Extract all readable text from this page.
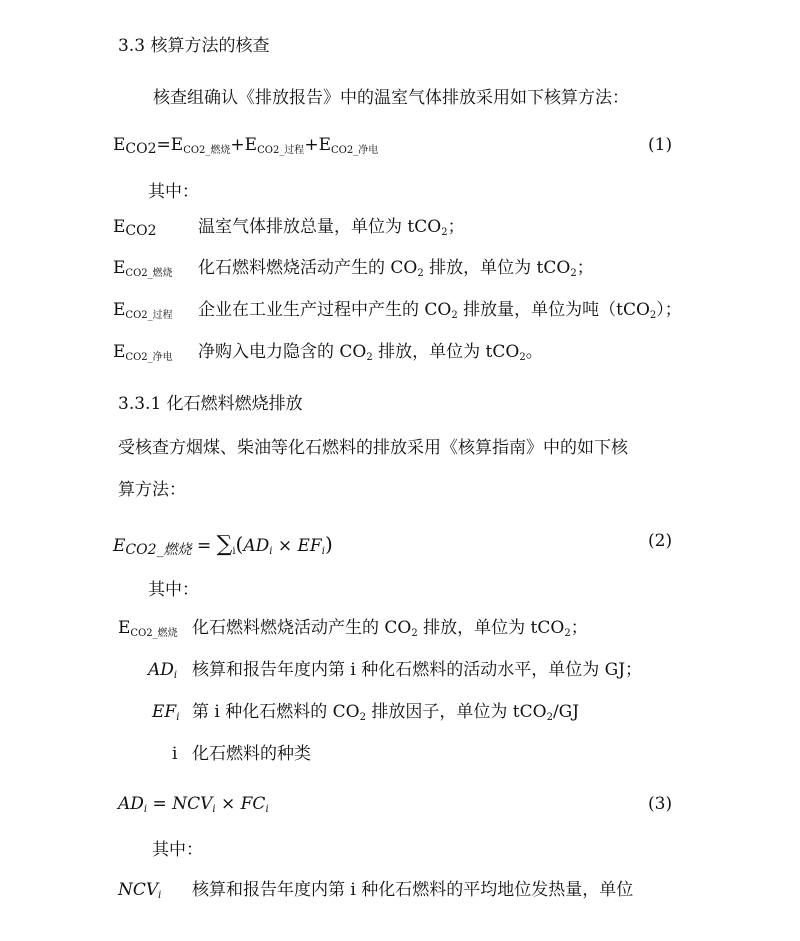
3.3 核算方法的核查
核查组确认《排放报告》中的温室气体排放采用如下核算方法：
$E_{CO2}=E_{CO2\_燃烧}+E_{CO2\_过程}+E_{CO2\_净电}$	(1)
其中：
$E_{CO2}$ 温室气体排放总量，单位为 tCO$_2$；
$E_{CO2\_燃烧}$ 化石燃料燃烧活动产生的 $CO_2$ 排放，单位为 tCO$_2$；
$E_{CO2\_过程}$ 企业在工业生产过程中产生的 $CO_2$ 排放量，单位为吨（tCO$_2$）；
$E_{CO2\_净电}$ 净购入电力隐含的 $CO_2$ 排放，单位为 tCO$_2$。
3.3.1 化石燃料燃烧排放
受核查方烟煤、柴油等化石燃料的排放采用《核算指南》中的如下核
算方法：
$E_{CO2\_燃烧} = \sum_i(AD_i \times EF_i)$	(2)
其中：
$E_{CO2\_燃烧}$ 化石燃料燃烧活动产生的 $CO_2$ 排放，单位为 tCO$_2$；
$AD_i$ 核算和报告年度内第 i 种化石燃料的活动水平，单位为 GJ；
$EF_i$ 第 i 种化石燃料的 $CO_2$ 排放因子，单位为 tCO$_2$/GJ
i 化石燃料的种类
$AD_i = NCV_i \times FC_i$	(3)
其中：
$NCV_i$ 核算和报告年度内第 i 种化石燃料的平均地位发热量，单位
